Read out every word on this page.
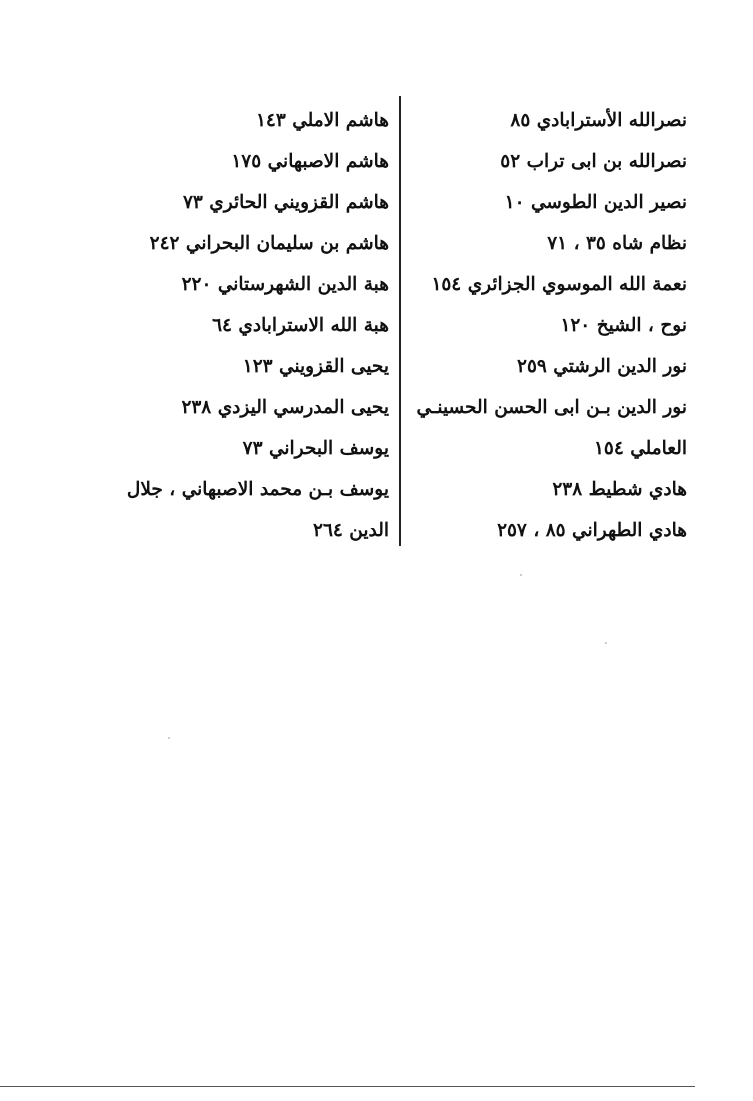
نصرالله الأسترابادي ٨٥
نصرالله بن ابى تراب ٥٢
نصير الدين الطوسي ١٠
نظام شاه ٣٥ ، ٧١
نعمة الله الموسوي الجزائري ١٥٤
نوح ، الشيخ ١٢٠
نور الدين الرشتي ٢٥٩
نور الدين بـن ابى الحسن الحسينـي
العاملي ١٥٤
هادي شطيط ٢٣٨
هادي الطهراني ٨٥ ، ٢٥٧
هاشم الاملي ١٤٣
هاشم الاصبهاني ١٧٥
هاشم القزويني الحائري ٧٣
هاشم بن سليمان البحراني ٢٤٢
هبة الدين الشهرستاني ٢٢٠
هبة الله الاسترابادي ٦٤
يحيى القزويني ١٢٣
يحيى المدرسي اليزدي ٢٣٨
يوسف البحراني ٧٣
يوسف بـن محمد الاصبهاني ، جلال
الدين ٢٦٤
